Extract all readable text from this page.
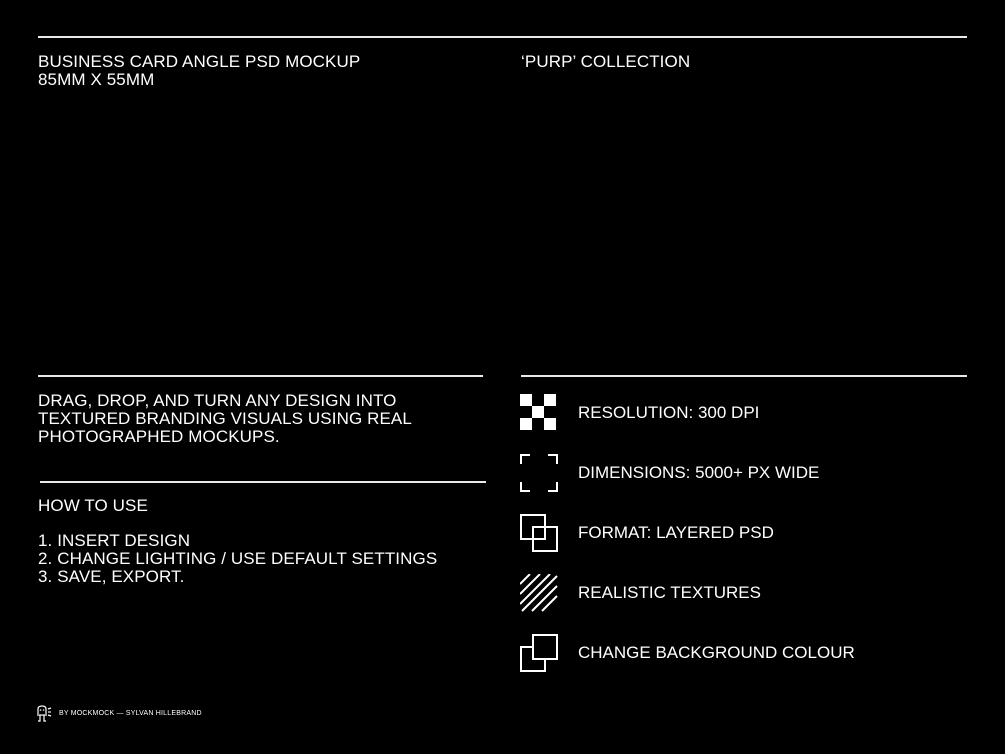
BUSINESS CARD ANGLE PSD MOCKUP
85MM X 55MM
‘PURP’ COLLECTION
DRAG, DROP, AND TURN ANY DESIGN INTO
TEXTURED BRANDING VISUALS USING REAL
PHOTOGRAPHED MOCKUPS.
HOW TO USE
1. INSERT DESIGN
2. CHANGE LIGHTING / USE DEFAULT SETTINGS
3. SAVE, EXPORT.
RESOLUTION: 300 DPI
DIMENSIONS: 5000+ PX WIDE
FORMAT: LAYERED PSD
REALISTIC TEXTURES
CHANGE BACKGROUND COLOUR
BY MOCKMOCK — SYLVAN HILLEBRAND
